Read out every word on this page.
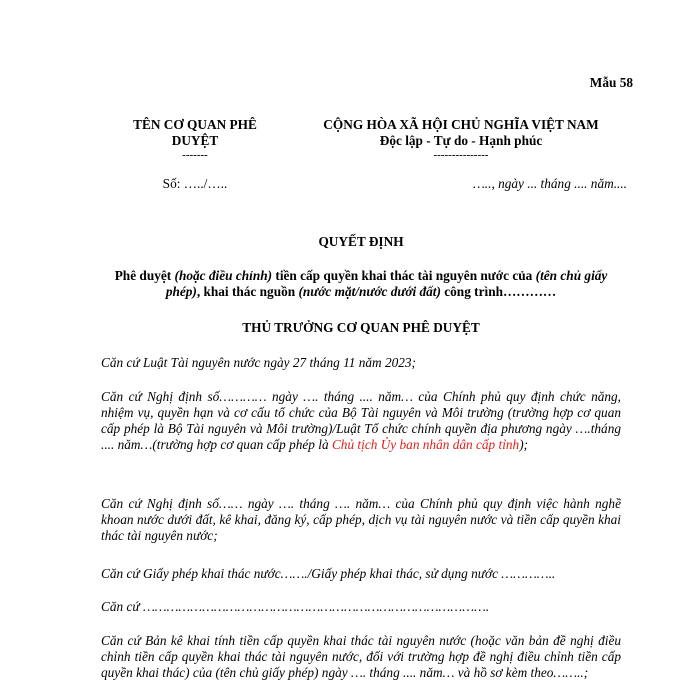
Mẫu 58
TÊN CƠ QUAN PHÊ
DUYỆT
-------
Số: …../…..
CỘNG HÒA XÃ HỘI CHỦ NGHĨA VIỆT NAM
Độc lập - Tự do - Hạnh phúc
---------------
….., ngày ... tháng .... năm....
QUYẾT ĐỊNH
Phê duyệt (hoặc điều chỉnh) tiền cấp quyền khai thác tài nguyên nước của (tên chủ giấy phép), khai thác nguồn (nước mặt/nước dưới đất) công trình…………
THỦ TRƯỞNG CƠ QUAN PHÊ DUYỆT
Căn cứ Luật Tài nguyên nước ngày 27 tháng 11 năm 2023;
Căn cứ Nghị định số………… ngày …. tháng .... năm… của Chính phủ quy định chức năng, nhiệm vụ, quyền hạn và cơ cấu tổ chức của Bộ Tài nguyên và Môi trường (trường hợp cơ quan cấp phép là Bộ Tài nguyên và Môi trường)/Luật Tổ chức chính quyền địa phương ngày ….tháng .... năm…(trường hợp cơ quan cấp phép là Chủ tịch Ủy ban nhân dân cấp tỉnh);
Căn cứ Nghị định số…… ngày …. tháng …. năm… của Chính phủ quy định việc hành nghề khoan nước dưới đất, kê khai, đăng ký, cấp phép, dịch vụ tài nguyên nước và tiền cấp quyền khai thác tài nguyên nước;
Căn cứ Giấy phép khai thác nước……./Giấy phép khai thác, sử dụng nước …………..
Căn cứ …………………………………………………………………………….
Căn cứ Bản kê khai tính tiền cấp quyền khai thác tài nguyên nước (hoặc văn bản đề nghị điều chỉnh tiền cấp quyền khai thác tài nguyên nước, đối với trường hợp đề nghị điều chỉnh tiền cấp quyền khai thác) của (tên chủ giấy phép) ngày …. tháng .... năm… và hồ sơ kèm theo……..;
